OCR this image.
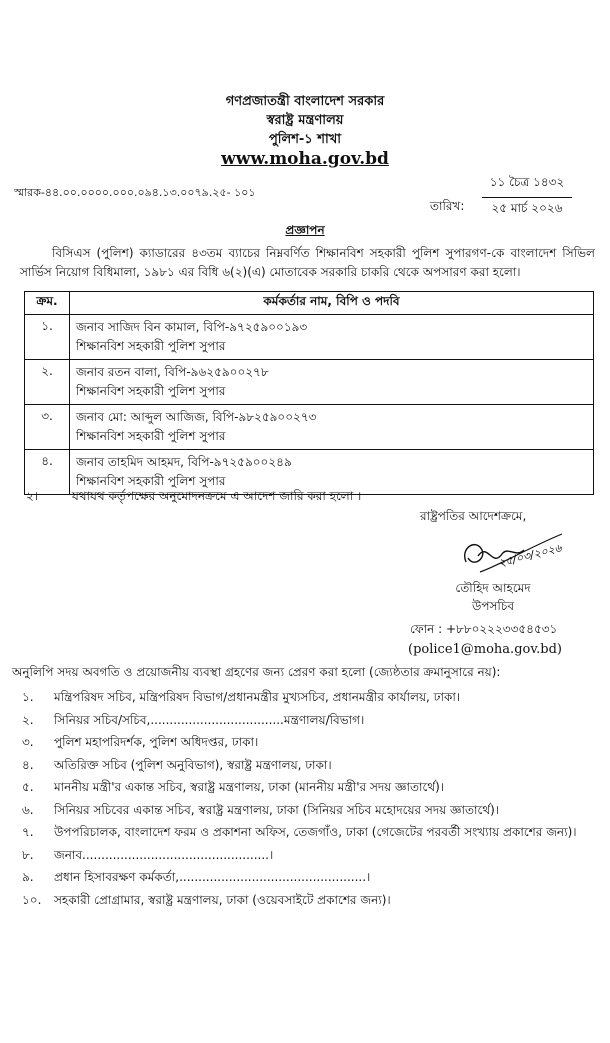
গণপ্রজাতন্ত্রী বাংলাদেশ সরকার
স্বরাষ্ট্র মন্ত্রণালয়
পুলিশ-১ শাখা
www.moha.gov.bd
স্মারক-৪৪.০০.০০০০.০০০.০৯৪.১৩.০০৭৯.২৫- ১০১
তারিখ:
১১ চৈত্র ১৪৩২
২৫ মার্চ ২০২৬
প্রজ্ঞাপন
বিসিএস (পুলিশ) ক্যাডারের ৪৩তম ব্যাচের নিম্নবর্ণিত শিক্ষানবিশ সহকারী পুলিশ সুপারগণ-কে বাংলাদেশ সিভিল সার্ভিস নিয়োগ বিধিমালা, ১৯৮১ এর বিধি ৬(২)(এ) মোতাবেক সরকারি চাকরি থেকে অপসারণ করা হলো।
ক্রম.	কর্মকর্তার নাম, বিপি ও পদবি
১.	জনাব সাজিদ বিন কামাল, বিপি-৯৭২৫৯০০১৯৩
শিক্ষানবিশ সহকারী পুলিশ সুপার

২.	জনাব রতন বালা, বিপি-৯৬২৫৯০০২৭৮
শিক্ষানবিশ সহকারী পুলিশ সুপার

৩.	জনাব মো: আব্দুল আজিজ, বিপি-৯৮২৫৯০০২৭৩
শিক্ষানবিশ সহকারী পুলিশ সুপার

৪.	জনাব তাহমিদ আহমদ, বিপি-৯৭২৫৯০০২৪৯
শিক্ষানবিশ সহকারী পুলিশ সুপার
২।	যথাযথ কর্তৃপক্ষের অনুমোদনক্রমে এ আদেশ জারি করা হলো ।
রাষ্ট্রপতির আদেশক্রমে,
২৫/০৩/২০২৬
তৌহিদ আহমেদ
উপসচিব
ফোন : +৮৮০২২২৩৩৫৪৫৩১
(police1@moha.gov.bd)
অনুলিপি সদয় অবগতি ও প্রয়োজনীয় ব্যবস্থা গ্রহণের জন্য প্রেরণ করা হলো (জ্যেষ্ঠতার ক্রমানুসারে নয়):
১. মন্ত্রিপরিষদ সচিব, মন্ত্রিপরিষদ বিভাগ/প্রধানমন্ত্রীর মুখ্যসচিব, প্রধানমন্ত্রীর কার্যালয়, ঢাকা।
২. সিনিয়র সচিব/সচিব,...................................মন্ত্রণালয়/বিভাগ।
৩. পুলিশ মহাপরিদর্শক, পুলিশ অধিদপ্তর, ঢাকা।
৪. অতিরিক্ত সচিব (পুলিশ অনুবিভাগ), স্বরাষ্ট্র মন্ত্রণালয়, ঢাকা।
৫. মাননীয় মন্ত্রী'র একান্ত সচিব, স্বরাষ্ট্র মন্ত্রণালয়, ঢাকা (মাননীয় মন্ত্রী'র সদয় জ্ঞাতার্থে)।
৬. সিনিয়র সচিবের একান্ত সচিব, স্বরাষ্ট্র মন্ত্রণালয়, ঢাকা (সিনিয়র সচিব মহোদয়ের সদয় জ্ঞাতার্থে)।
৭. উপপরিচালক, বাংলাদেশ ফরম ও প্রকাশনা অফিস, তেজগাঁও, ঢাকা (গেজেটের পরবর্তী সংখ্যায় প্রকাশের জন্য)।
৮. জনাব.................................................।
৯. প্রধান হিসাবরক্ষণ কর্মকর্তা,.................................................।
১০. সহকারী প্রোগ্রামার, স্বরাষ্ট্র মন্ত্রণালয়, ঢাকা (ওয়েবসাইটে প্রকাশের জন্য)।
